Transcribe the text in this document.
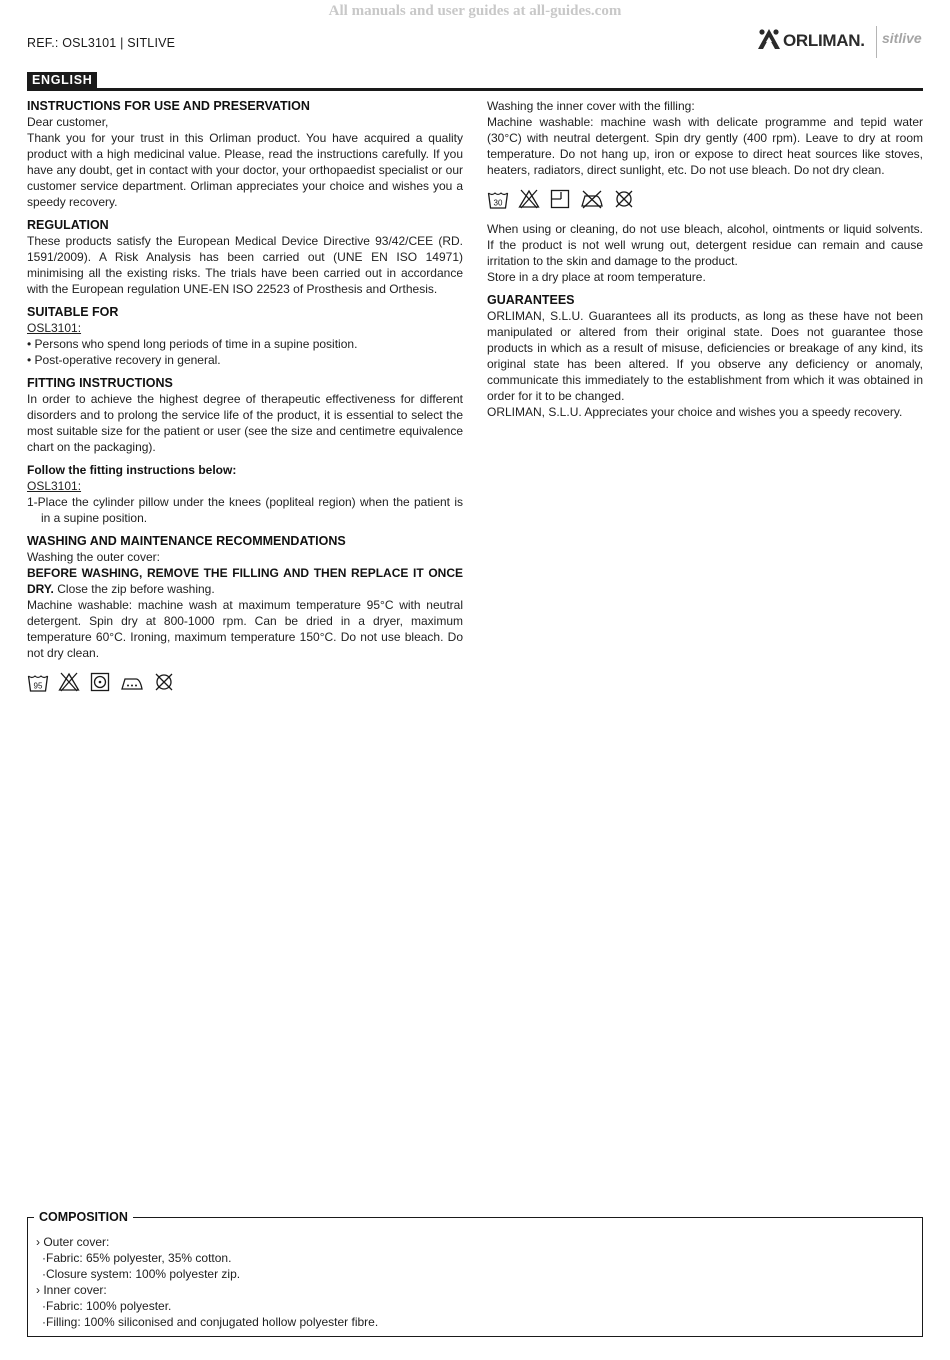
All manuals and user guides at all-guides.com
REF.: OSL3101 | SITLIVE	ORLIMAN. sitlive
ENGLISH
INSTRUCTIONS FOR USE AND PRESERVATION

Dear customer,

Thank you for your trust in this Orliman product. You have acquired a quality product with a high medicinal value. Please, read the instructions carefully. If you have any doubt, get in contact with your doctor, your orthopaedist specialist or our customer service department. Orliman appreciates your choice and wishes you a speedy recovery.

REGULATION

These products satisfy the European Medical Device Directive 93/42/CEE (RD. 1591/2009). A Risk Analysis has been carried out (UNE EN ISO 14971) minimising all the existing risks. The trials have been carried out in accordance with the European regulation UNE-EN ISO 22523 of Prosthesis and Orthesis.

SUITABLE FOR

OSL3101:

• Persons who spend long periods of time in a supine position.

• Post-operative recovery in general.

FITTING INSTRUCTIONS

In order to achieve the highest degree of therapeutic effectiveness for different disorders and to prolong the service life of the product, it is essential to select the most suitable size for the patient or user (see the size and centimetre equivalence chart on the packaging).

Follow the fitting instructions below:

OSL3101:

1-Place the cylinder pillow under the knees (popliteal region) when the patient is in a supine position.

WASHING AND MAINTENANCE RECOMMENDATIONS

Washing the outer cover:

BEFORE WASHING, REMOVE THE FILLING AND THEN REPLACE IT ONCE DRY. Close the zip before washing.

Machine washable: machine wash at maximum temperature 95°C with neutral detergent. Spin dry at 800-1000 rpm. Can be dried in a dryer, maximum temperature 60°C. Ironing, maximum temperature 150°C. Do not use bleach. Do not dry clean.

95

Washing the inner cover with the filling:

Machine washable: machine wash with delicate programme and tepid water (30°C) with neutral detergent. Spin dry gently (400 rpm). Leave to dry at room temperature. Do not hang up, iron or expose to direct heat sources like stoves, heaters, radiators, direct sunlight, etc. Do not use bleach. Do not dry clean.

30

When using or cleaning, do not use bleach, alcohol, ointments or liquid solvents. If the product is not well wrung out, detergent residue can remain and cause irritation to the skin and damage to the product.

Store in a dry place at room temperature.

GUARANTEES

ORLIMAN, S.L.U. Guarantees all its products, as long as these have not been manipulated or altered from their original state. Does not guarantee those products in which as a result of misuse, deficiencies or breakage of any kind, its original state has been altered. If you observe any deficiency or anomaly, communicate this immediately to the establishment from which it was obtained in order for it to be changed.

ORLIMAN, S.L.U. Appreciates your choice and wishes you a speedy recovery.

COMPOSITION

› Outer cover:

·Fabric: 65% polyester, 35% cotton.

·Closure system: 100% polyester zip.

› Inner cover:

·Fabric: 100% polyester.

·Filling: 100% siliconised and conjugated hollow polyester fibre.
